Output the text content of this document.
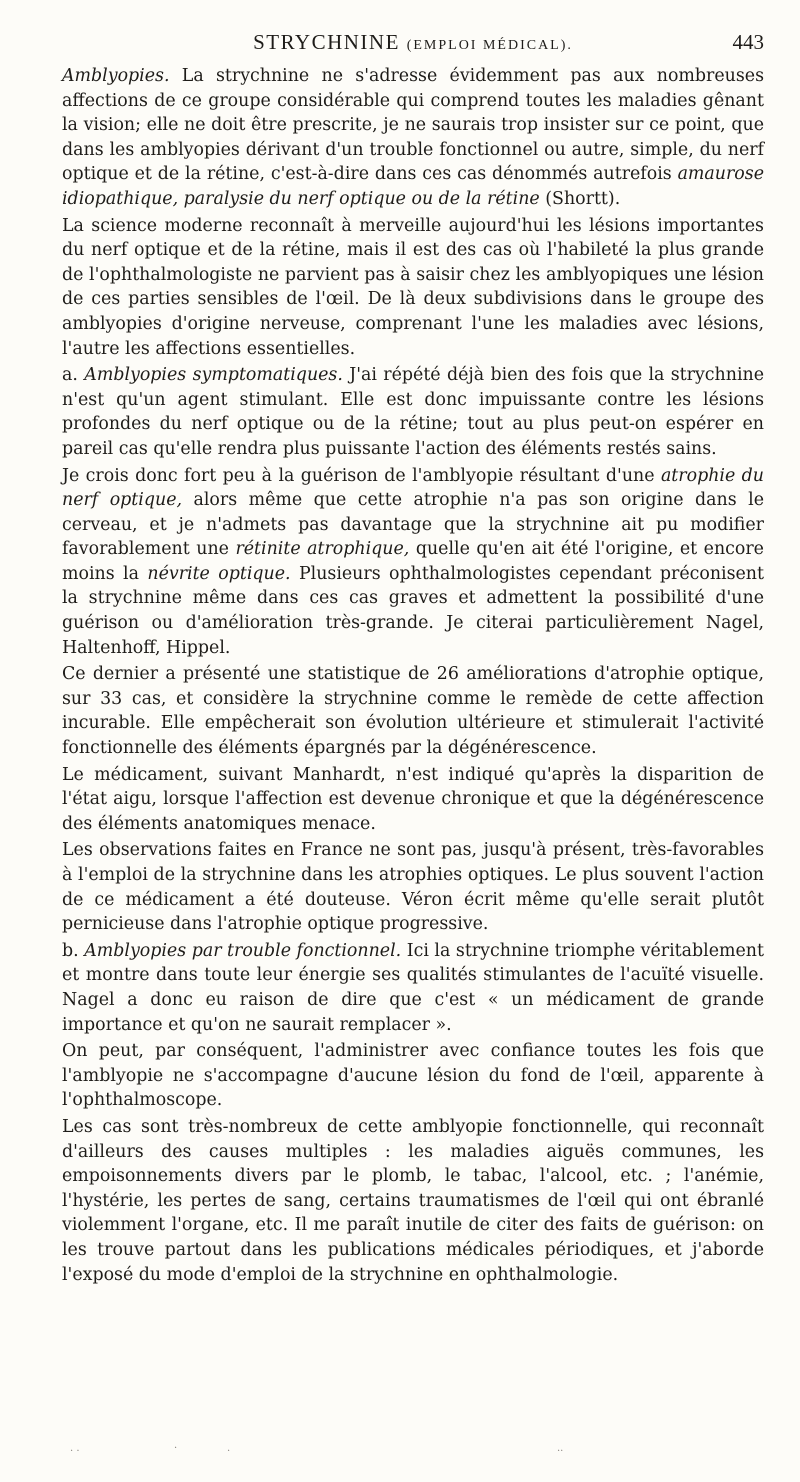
STRYCHNINE (EMPLOI MÉDICAL).	443

Amblyopies. La strychnine ne s'adresse évidemment pas aux nombreuses affections de ce groupe considérable qui comprend toutes les maladies gênant la vision; elle ne doit être prescrite, je ne saurais trop insister sur ce point, que dans les amblyopies dérivant d'un trouble fonctionnel ou autre, simple, du nerf optique et de la rétine, c'est-à-dire dans ces cas dénommés autrefois amaurose idiopathique, paralysie du nerf optique ou de la rétine (Shortt).

La science moderne reconnaît à merveille aujourd'hui les lésions importantes du nerf optique et de la rétine, mais il est des cas où l'habileté la plus grande de l'ophthalmologiste ne parvient pas à saisir chez les amblyopiques une lésion de ces parties sensibles de l'œil. De là deux subdivisions dans le groupe des amblyopies d'origine nerveuse, comprenant l'une les maladies avec lésions, l'autre les affections essentielles.

a. Amblyopies symptomatiques. J'ai répété déjà bien des fois que la strychnine n'est qu'un agent stimulant. Elle est donc impuissante contre les lésions profondes du nerf optique ou de la rétine; tout au plus peut-on espérer en pareil cas qu'elle rendra plus puissante l'action des éléments restés sains.

Je crois donc fort peu à la guérison de l'amblyopie résultant d'une atrophie du nerf optique, alors même que cette atrophie n'a pas son origine dans le cerveau, et je n'admets pas davantage que la strychnine ait pu modifier favorablement une rétinite atrophique, quelle qu'en ait été l'origine, et encore moins la névrite optique. Plusieurs ophthalmologistes cependant préconisent la strychnine même dans ces cas graves et admettent la possibilité d'une guérison ou d'amélioration très-grande. Je citerai particulièrement Nagel, Haltenhoff, Hippel.

Ce dernier a présenté une statistique de 26 améliorations d'atrophie optique, sur 33 cas, et considère la strychnine comme le remède de cette affection incurable. Elle empêcherait son évolution ultérieure et stimulerait l'activité fonctionnelle des éléments épargnés par la dégénérescence.

Le médicament, suivant Manhardt, n'est indiqué qu'après la disparition de l'état aigu, lorsque l'affection est devenue chronique et que la dégénérescence des éléments anatomiques menace.

Les observations faites en France ne sont pas, jusqu'à présent, très-favorables à l'emploi de la strychnine dans les atrophies optiques. Le plus souvent l'action de ce médicament a été douteuse. Véron écrit même qu'elle serait plutôt pernicieuse dans l'atrophie optique progressive.

b. Amblyopies par trouble fonctionnel. Ici la strychnine triomphe véritablement et montre dans toute leur énergie ses qualités stimulantes de l'acuïté visuelle. Nagel a donc eu raison de dire que c'est « un médicament de grande importance et qu'on ne saurait remplacer ».

On peut, par conséquent, l'administrer avec confiance toutes les fois que l'amblyopie ne s'accompagne d'aucune lésion du fond de l'œil, apparente à l'ophthalmoscope.

Les cas sont très-nombreux de cette amblyopie fonctionnelle, qui reconnaît d'ailleurs des causes multiples : les maladies aiguës communes, les empoisonnements divers par le plomb, le tabac, l'alcool, etc. ; l'anémie, l'hystérie, les pertes de sang, certains traumatismes de l'œil qui ont ébranlé violemment l'organe, etc. Il me paraît inutile de citer des faits de guérison: on les trouve partout dans les publications médicales périodiques, et j'aborde l'exposé du mode d'emploi de la strychnine en ophthalmologie.

. .	·	.	..
